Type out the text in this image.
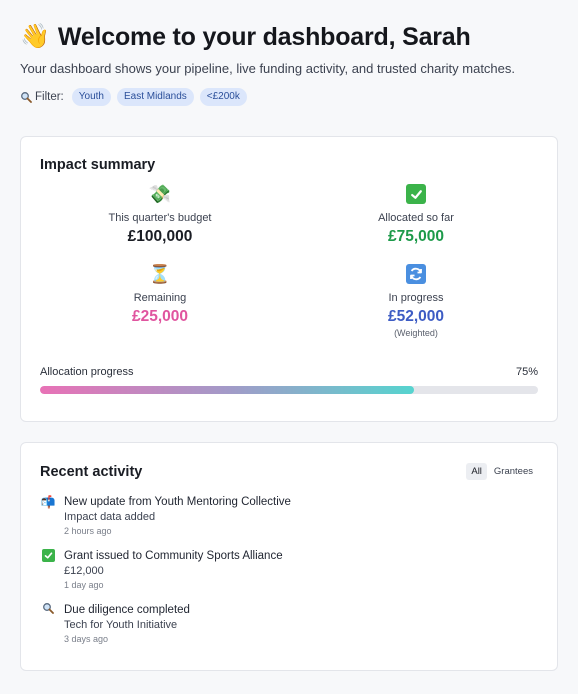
👋 Welcome to your dashboard, Sarah

Your dashboard shows your pipeline, live funding activity, and trusted charity matches.

Filter:	Youth	East Midlands	<£200k
Impact summary
💸
This quarter's budget
£100,000
Allocated so far
£75,000
⏳
Remaining
£25,000
In progress
£52,000
(Weighted)
Allocation progress	75%
Recent activity	All	Grantees
📬 New update from Youth Mentoring Collective
Impact data added
2 hours ago
Grant issued to Community Sports Alliance
£12,000
1 day ago
Due diligence completed
Tech for Youth Initiative
3 days ago
